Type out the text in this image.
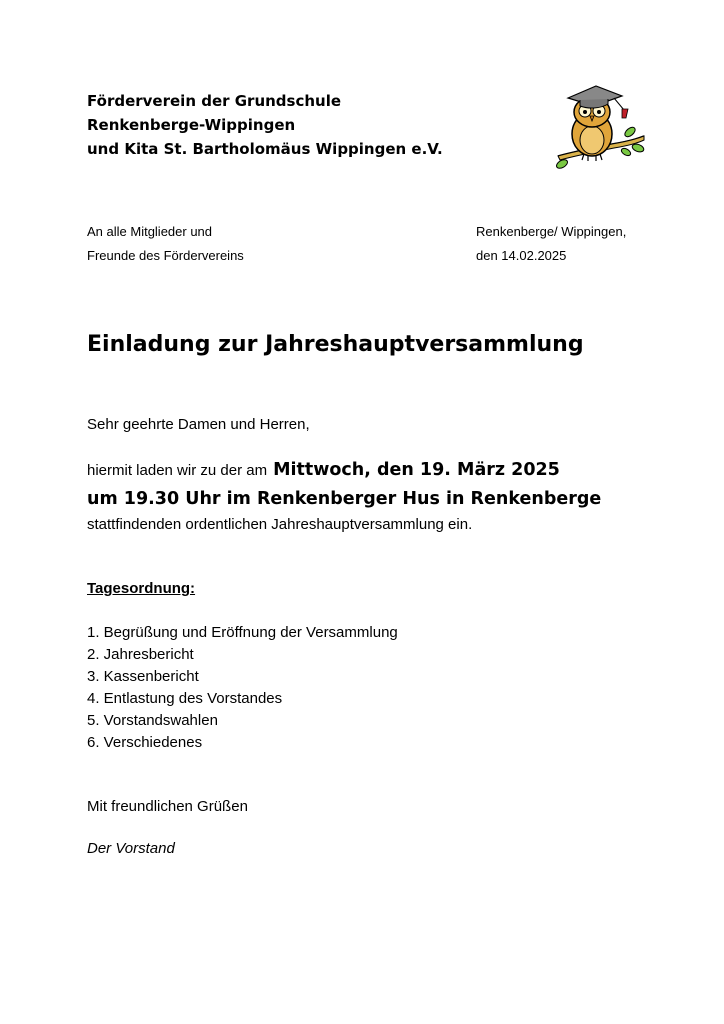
Förderverein der Grundschule
Renkenberge-Wippingen
und Kita St. Bartholomäus Wippingen e.V.
An alle Mitglieder und
Freunde des Fördervereins
Renkenberge/ Wippingen,
den 14.02.2025
Einladung zur Jahreshauptversammlung
Sehr geehrte Damen und Herren,
hiermit laden wir zu der am Mittwoch, den 19. März 2025
um 19.30 Uhr im Renkenberger Hus in Renkenberge
stattfindenden ordentlichen Jahreshauptversammlung ein.
Tagesordnung:
1. Begrüßung und Eröffnung der Versammlung
2. Jahresbericht
3. Kassenbericht
4. Entlastung des Vorstandes
5. Vorstandswahlen
6. Verschiedenes
Mit freundlichen Grüßen
Der Vorstand
